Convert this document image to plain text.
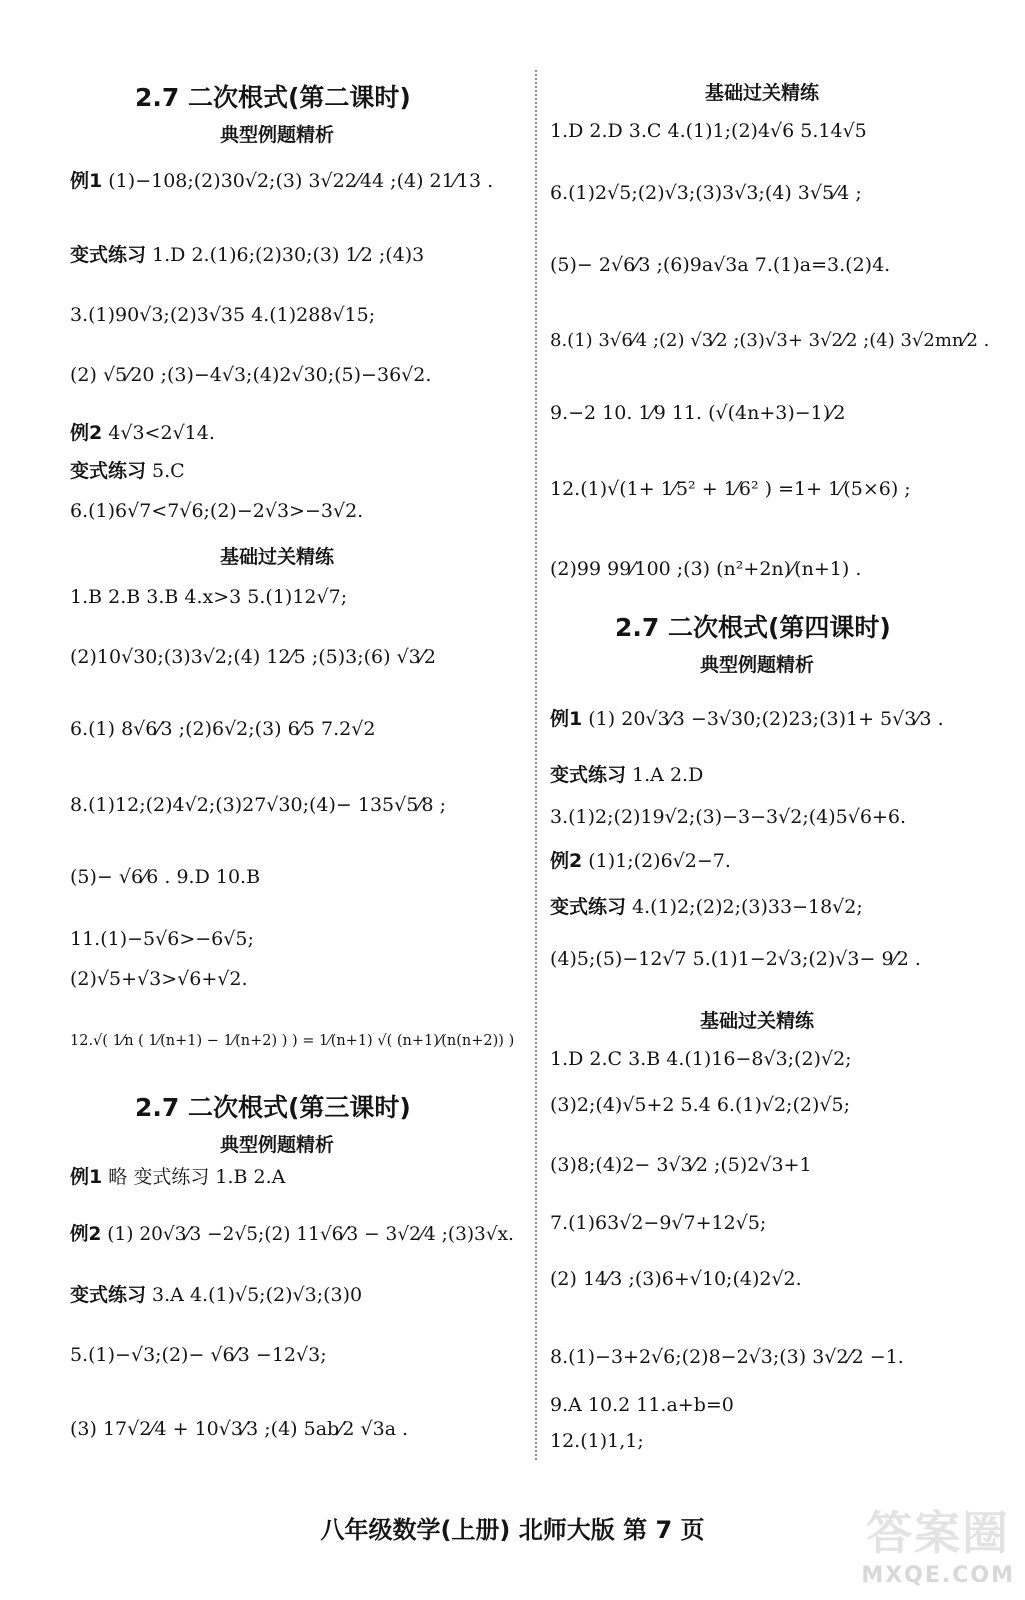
2.7 二次根式(第二课时)
典型例题精析
例1 (1)−108;(2)30√2;(3) 3√22⁄44 ;(4) 21⁄13 .
变式练习 1.D 2.(1)6;(2)30;(3) 1⁄2 ;(4)3
3.(1)90√3;(2)3√35 4.(1)288√15;
(2) √5⁄20 ;(3)−4√3;(4)2√30;(5)−36√2.
例2 4√3<2√14.
变式练习 5.C
6.(1)6√7<7√6;(2)−2√3>−3√2.
基础过关精练
1.B 2.B 3.B 4.x>3 5.(1)12√7;
(2)10√30;(3)3√2;(4) 12⁄5 ;(5)3;(6) √3⁄2
6.(1) 8√6⁄3 ;(2)6√2;(3) 6⁄5 7.2√2
8.(1)12;(2)4√2;(3)27√30;(4)− 135√5⁄8 ;
(5)− √6⁄6 . 9.D 10.B
11.(1)−5√6>−6√5;
(2)√5+√3>√6+√2.
12.√( 1⁄n ( 1⁄(n+1) − 1⁄(n+2) ) ) = 1⁄(n+1) √( (n+1)⁄(n(n+2)) )
2.7 二次根式(第三课时)
典型例题精析
例1 略 变式练习 1.B 2.A
例2 (1) 20√3⁄3 −2√5;(2) 11√6⁄3 − 3√2⁄4 ;(3)3√x.
变式练习 3.A 4.(1)√5;(2)√3;(3)0
5.(1)−√3;(2)− √6⁄3 −12√3;
(3) 17√2⁄4 + 10√3⁄3 ;(4) 5ab⁄2 √3a .
基础过关精练
1.D 2.D 3.C 4.(1)1;(2)4√6 5.14√5
6.(1)2√5;(2)√3;(3)3√3;(4) 3√5⁄4 ;
(5)− 2√6⁄3 ;(6)9a√3a 7.(1)a=3.(2)4.
8.(1) 3√6⁄4 ;(2) √3⁄2 ;(3)√3+ 3√2⁄2 ;(4) 3√2mn⁄2 .
9.−2 10. 1⁄9 11. (√(4n+3)−1)⁄2
12.(1)√(1+ 1⁄5² + 1⁄6² ) =1+ 1⁄(5×6) ;
(2)99 99⁄100 ;(3) (n²+2n)⁄(n+1) .
2.7 二次根式(第四课时)
典型例题精析
例1 (1) 20√3⁄3 −3√30;(2)23;(3)1+ 5√3⁄3 .
变式练习 1.A 2.D
3.(1)2;(2)19√2;(3)−3−3√2;(4)5√6+6.
例2 (1)1;(2)6√2−7.
变式练习 4.(1)2;(2)2;(3)33−18√2;
(4)5;(5)−12√7 5.(1)1−2√3;(2)√3− 9⁄2 .
基础过关精练
1.D 2.C 3.B 4.(1)16−8√3;(2)√2;
(3)2;(4)√5+2 5.4 6.(1)√2;(2)√5;
(3)8;(4)2− 3√3⁄2 ;(5)2√3+1
7.(1)63√2−9√7+12√5;
(2) 14⁄3 ;(3)6+√10;(4)2√2.
8.(1)−3+2√6;(2)8−2√3;(3) 3√2⁄2 −1.
9.A 10.2 11.a+b=0
12.(1)1,1;
八年级数学(上册) 北师大版 第 7 页	答案圈
MXQE.COM
